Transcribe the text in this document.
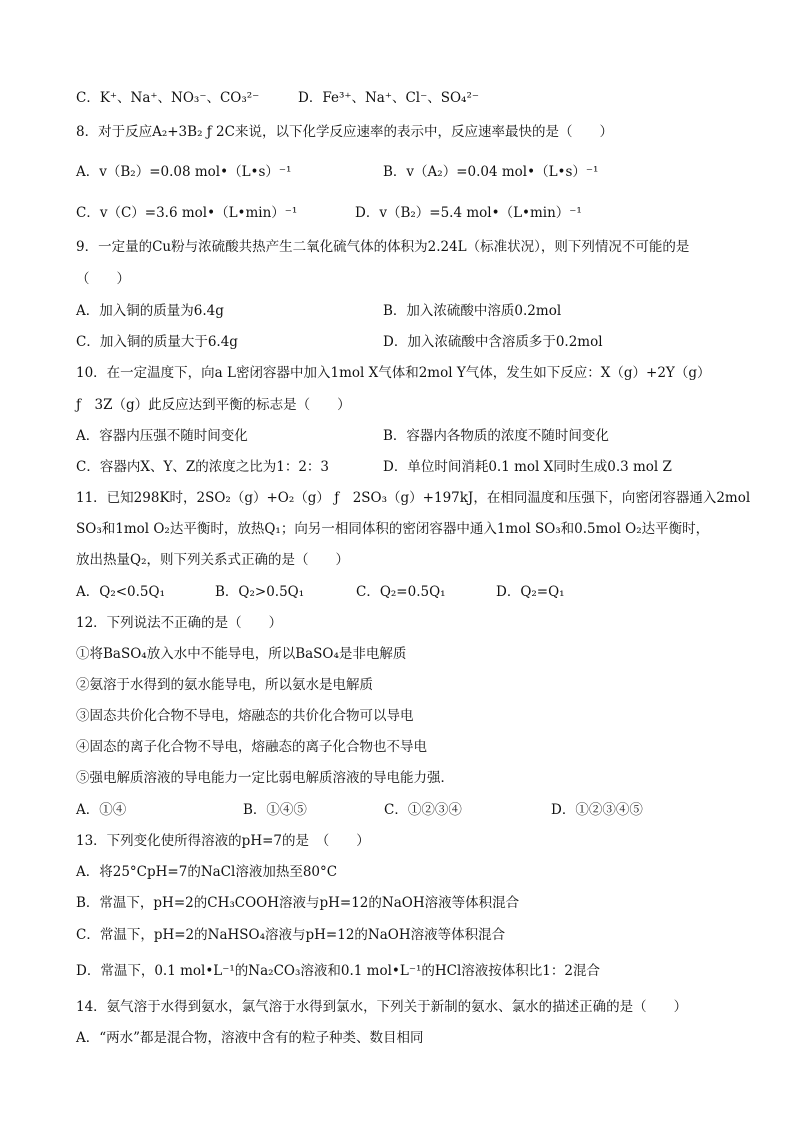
C．K⁺、Na⁺、NO₃⁻、CO₃²⁻	D．Fe³⁺、Na⁺、Cl⁻、SO₄²⁻
8．对于反应A₂+3B₂ ƒ 2C来说，以下化学反应速率的表示中，反应速率最快的是（　　）
A．v（B₂）=0.08 mol•（L•s）⁻¹	B．v（A₂）=0.04 mol•（L•s）⁻¹
C．v（C）=3.6 mol•（L•min）⁻¹	D．v（B₂）=5.4 mol•（L•min）⁻¹
9．一定量的Cu粉与浓硫酸共热产生二氧化硫气体的体积为2.24L（标准状况），则下列情况不可能的是
（　　）
A．加入铜的质量为6.4g	B．加入浓硫酸中溶质0.2mol
C．加入铜的质量大于6.4g	D．加入浓硫酸中含溶质多于0.2mol
10．在一定温度下，向a L密闭容器中加入1mol X气体和2mol Y气体，发生如下反应：X（g）+2Y（g）
ƒ　3Z（g）此反应达到平衡的标志是（　　）
A．容器内压强不随时间变化	B．容器内各物质的浓度不随时间变化
C．容器内X、Y、Z的浓度之比为1：2：3	D．单位时间消耗0.1 mol X同时生成0.3 mol Z
11．已知298K时，2SO₂（g）+O₂（g） ƒ　2SO₃（g）+197kJ，在相同温度和压强下，向密闭容器通入2mol
SO₃和1mol O₂达平衡时，放热Q₁；向另一相同体积的密闭容器中通入1mol SO₃和0.5mol O₂达平衡时，
放出热量Q₂，则下列关系式正确的是（　　）
A．Q₂<0.5Q₁	B．Q₂>0.5Q₁	C．Q₂=0.5Q₁	D．Q₂=Q₁
12．下列说法不正确的是（　　）
①将BaSO₄放入水中不能导电，所以BaSO₄是非电解质
②氨溶于水得到的氨水能导电，所以氨水是电解质
③固态共价化合物不导电，熔融态的共价化合物可以导电
④固态的离子化合物不导电，熔融态的离子化合物也不导电
⑤强电解质溶液的导电能力一定比弱电解质溶液的导电能力强．
A．①④	B．①④⑤	C．①②③④	D．①②③④⑤
13．下列变化使所得溶液的pH=7的是　（　　）
A．将25°CpH=7的NaCl溶液加热至80°C
B．常温下，pH=2的CH₃COOH溶液与pH=12的NaOH溶液等体积混合
C．常温下，pH=2的NaHSO₄溶液与pH=12的NaOH溶液等体积混合
D．常温下，0.1 mol•L⁻¹的Na₂CO₃溶液和0.1 mol•L⁻¹的HCl溶液按体积比1：2混合
14．氨气溶于水得到氨水，氯气溶于水得到氯水，下列关于新制的氨水、氯水的描述正确的是（　　）
A．“两水”都是混合物，溶液中含有的粒子种类、数目相同
